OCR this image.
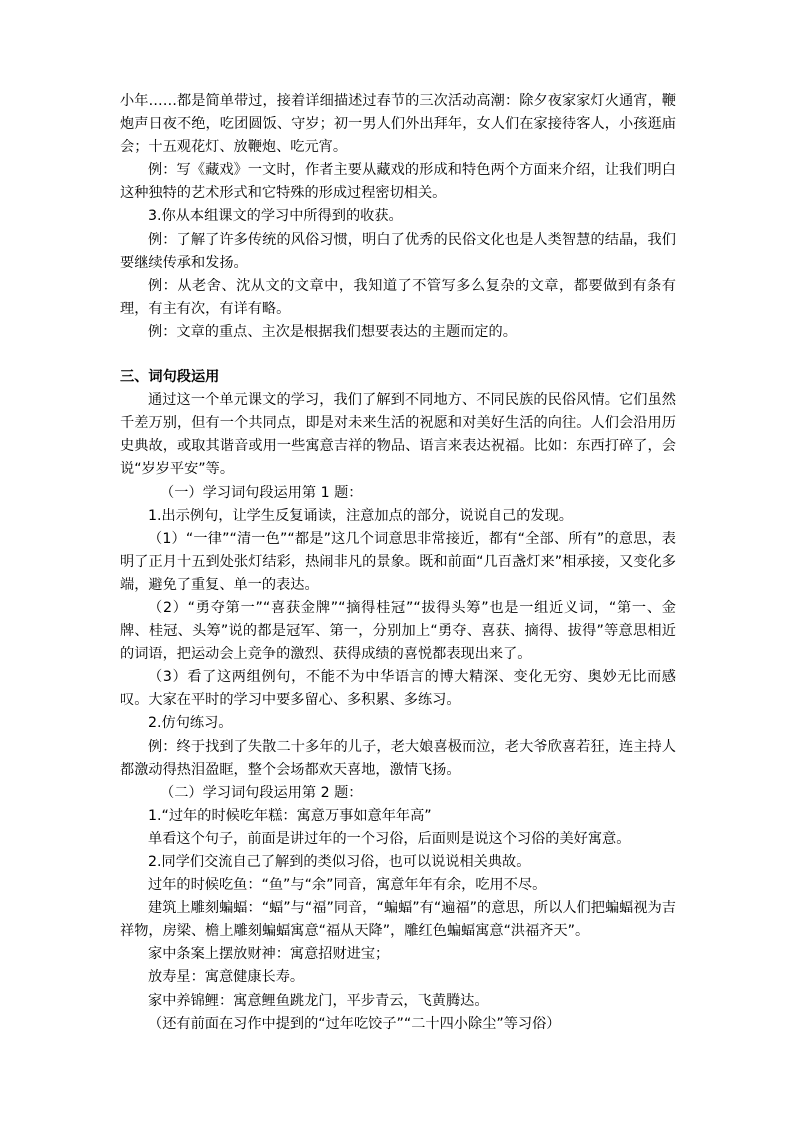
小年……都是简单带过，接着详细描述过春节的三次活动高潮：除夕夜家家灯火通宵，鞭炮声日夜不绝，吃团圆饭、守岁；初一男人们外出拜年，女人们在家接待客人，小孩逛庙会；十五观花灯、放鞭炮、吃元宵。

例：写《藏戏》一文时，作者主要从藏戏的形成和特色两个方面来介绍，让我们明白这种独特的艺术形式和它特殊的形成过程密切相关。

3.你从本组课文的学习中所得到的收获。

例：了解了许多传统的风俗习惯，明白了优秀的民俗文化也是人类智慧的结晶，我们要继续传承和发扬。

例：从老舍、沈从文的文章中，我知道了不管写多么复杂的文章，都要做到有条有理，有主有次，有详有略。

例：文章的重点、主次是根据我们想要表达的主题而定的。

三、词句段运用

通过这一个单元课文的学习，我们了解到不同地方、不同民族的民俗风情。它们虽然千差万别，但有一个共同点，即是对未来生活的祝愿和对美好生活的向往。人们会沿用历史典故，或取其谐音或用一些寓意吉祥的物品、语言来表达祝福。比如：东西打碎了，会说“岁岁平安”等。

（一）学习词句段运用第 1 题：

1.出示例句，让学生反复诵读，注意加点的部分，说说自己的发现。

（1）“一律”“清一色”“都是”这几个词意思非常接近，都有“全部、所有”的意思，表明了正月十五到处张灯结彩，热闹非凡的景象。既和前面“几百盏灯来”相承接，又变化多端，避免了重复、单一的表达。

（2）“勇夺第一”“喜获金牌”“摘得桂冠”“拔得头筹”也是一组近义词，“第一、金牌、桂冠、头筹”说的都是冠军、第一，分别加上“勇夺、喜获、摘得、拔得”等意思相近的词语，把运动会上竞争的激烈、获得成绩的喜悦都表现出来了。

（3）看了这两组例句，不能不为中华语言的博大精深、变化无穷、奥妙无比而感叹。大家在平时的学习中要多留心、多积累、多练习。

2.仿句练习。

例：终于找到了失散二十多年的儿子，老大娘喜极而泣，老大爷欣喜若狂，连主持人都激动得热泪盈眶，整个会场都欢天喜地，激情飞扬。

（二）学习词句段运用第 2 题：

1.“过年的时候吃年糕：寓意万事如意年年高”

单看这个句子，前面是讲过年的一个习俗，后面则是说这个习俗的美好寓意。

2.同学们交流自己了解到的类似习俗，也可以说说相关典故。

过年的时候吃鱼：“鱼”与“余”同音，寓意年年有余，吃用不尽。

建筑上雕刻蝙蝠：“蝠”与“福”同音，“蝙蝠”有“遍福”的意思，所以人们把蝙蝠视为吉祥物，房梁、檐上雕刻蝙蝠寓意“福从天降”，雕红色蝙蝠寓意“洪福齐天”。

家中条案上摆放财神：寓意招财进宝；

放寿星：寓意健康长寿。

家中养锦鲤：寓意鲤鱼跳龙门，平步青云，飞黄腾达。

（还有前面在习作中提到的“过年吃饺子”“二十四小除尘”等习俗）
